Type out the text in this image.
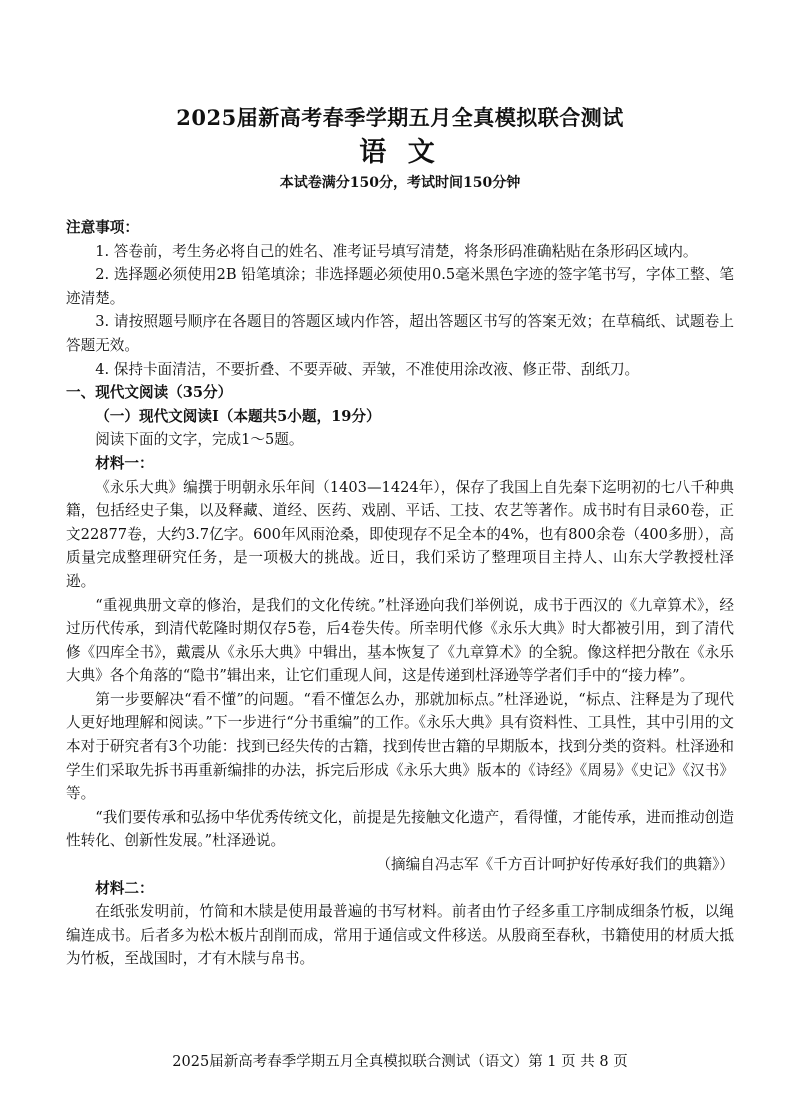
2025届新高考春季学期五月全真模拟联合测试
语 文
本试卷满分150分，考试时间150分钟

注意事项：

1. 答卷前，考生务必将自己的姓名、准考证号填写清楚，将条形码准确粘贴在条形码区域内。

2. 选择题必须使用2B 铅笔填涂；非选择题必须使用0.5毫米黑色字迹的签字笔书写，字体工整、笔迹清楚。

3. 请按照题号顺序在各题目的答题区域内作答，超出答题区书写的答案无效；在草稿纸、试题卷上答题无效。

4. 保持卡面清洁，不要折叠、不要弄破、弄皱，不准使用涂改液、修正带、刮纸刀。

一、现代文阅读（35分）

（一）现代文阅读Ⅰ（本题共5小题，19分）

阅读下面的文字，完成1～5题。

材料一：

《永乐大典》编撰于明朝永乐年间（1403—1424年），保存了我国上自先秦下迄明初的七八千种典籍，包括经史子集，以及释藏、道经、医药、戏剧、平话、工技、农艺等著作。成书时有目录60卷，正文22877卷，大约3.7亿字。600年风雨沧桑，即使现存不足全本的4%，也有800余卷（400多册），高质量完成整理研究任务，是一项极大的挑战。近日，我们采访了整理项目主持人、山东大学教授杜泽逊。

“重视典册文章的修治，是我们的文化传统。”杜泽逊向我们举例说，成书于西汉的《九章算术》，经过历代传承，到清代乾隆时期仅存5卷，后4卷失传。所幸明代修《永乐大典》时大都被引用，到了清代修《四库全书》，戴震从《永乐大典》中辑出，基本恢复了《九章算术》的全貌。像这样把分散在《永乐大典》各个角落的“隐书”辑出来，让它们重现人间，这是传递到杜泽逊等学者们手中的“接力棒”。

第一步要解决“看不懂”的问题。“看不懂怎么办，那就加标点。”杜泽逊说，“标点、注释是为了现代人更好地理解和阅读。”下一步进行“分书重编”的工作。《永乐大典》具有资料性、工具性，其中引用的文本对于研究者有3个功能：找到已经失传的古籍，找到传世古籍的早期版本，找到分类的资料。杜泽逊和学生们采取先拆书再重新编排的办法，拆完后形成《永乐大典》版本的《诗经》《周易》《史记》《汉书》等。

“我们要传承和弘扬中华优秀传统文化，前提是先接触文化遗产，看得懂，才能传承，进而推动创造性转化、创新性发展。”杜泽逊说。

（摘编自冯志军《千方百计呵护好传承好我们的典籍》）

材料二：

在纸张发明前，竹简和木牍是使用最普遍的书写材料。前者由竹子经多重工序制成细条竹板，以绳编连成书。后者多为松木板片刮削而成，常用于通信或文件移送。从殷商至春秋，书籍使用的材质大抵为竹板，至战国时，才有木牍与帛书。

2025届新高考春季学期五月全真模拟联合测试（语文）第 1 页 共 8 页
